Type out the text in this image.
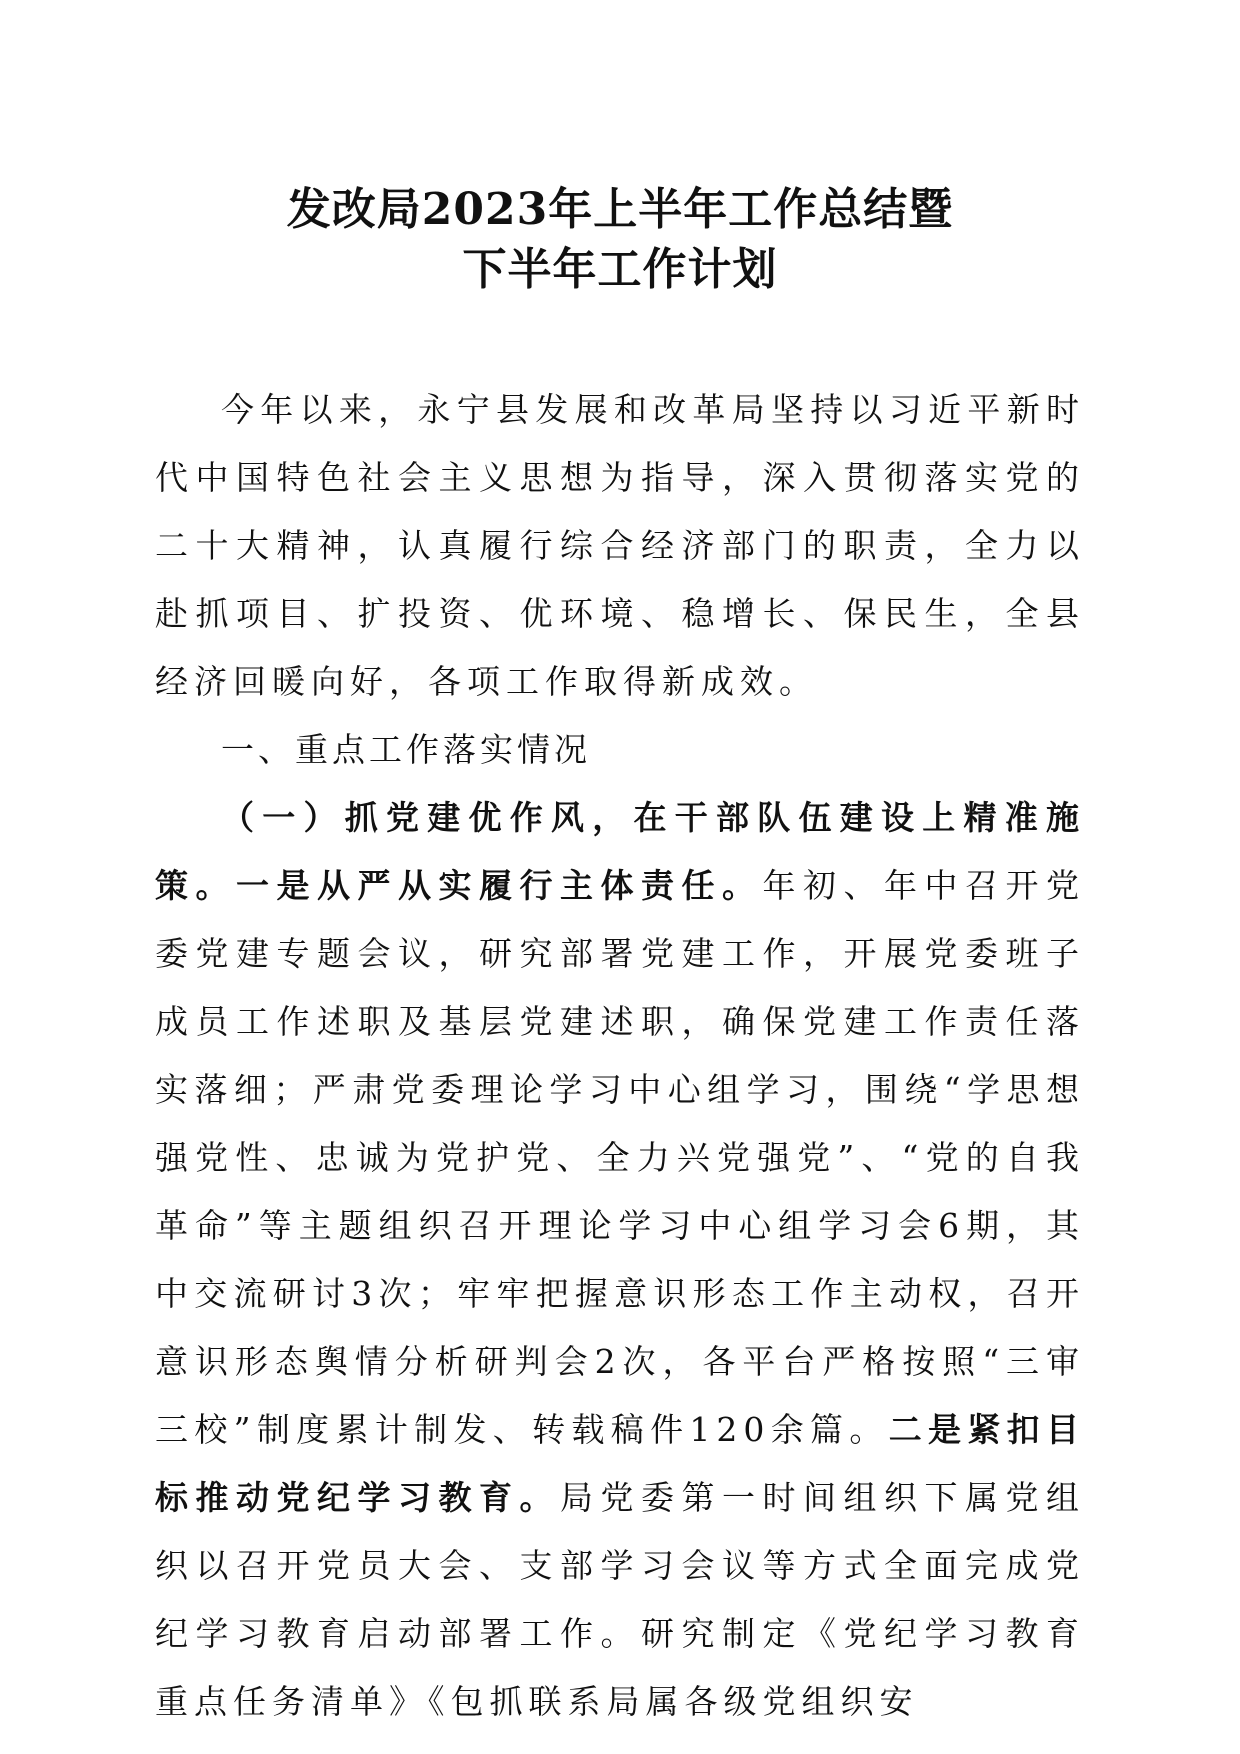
发改局2023年上半年工作总结暨
下半年工作计划
今年以来，永宁县发展和改革局坚持以习近平新时代中国特色社会主义思想为指导，深入贯彻落实党的二十大精神，认真履行综合经济部门的职责，全力以赴抓项目、扩投资、优环境、稳增长、保民生，全县经济回暖向好，各项工作取得新成效。
一、重点工作落实情况
（一）抓党建优作风，在干部队伍建设上精准施策。一是从严从实履行主体责任。年初、年中召开党委党建专题会议，研究部署党建工作，开展党委班子成员工作述职及基层党建述职，确保党建工作责任落实落细；严肃党委理论学习中心组学习，围绕“学思想强党性、忠诚为党护党、全力兴党强党”、“党的自我革命”等主题组织召开理论学习中心组学习会6期，其中交流研讨3次；牢牢把握意识形态工作主动权，召开意识形态舆情分析研判会2次，各平台严格按照“三审三校”制度累计制发、转载稿件120余篇。二是紧扣目标推动党纪学习教育。局党委第一时间组织下属党组织以召开党员大会、支部学习会议等方式全面完成党纪学习教育启动部署工作。研究制定《党纪学习教育重点任务清单》《包抓联系局属各级党组织安
